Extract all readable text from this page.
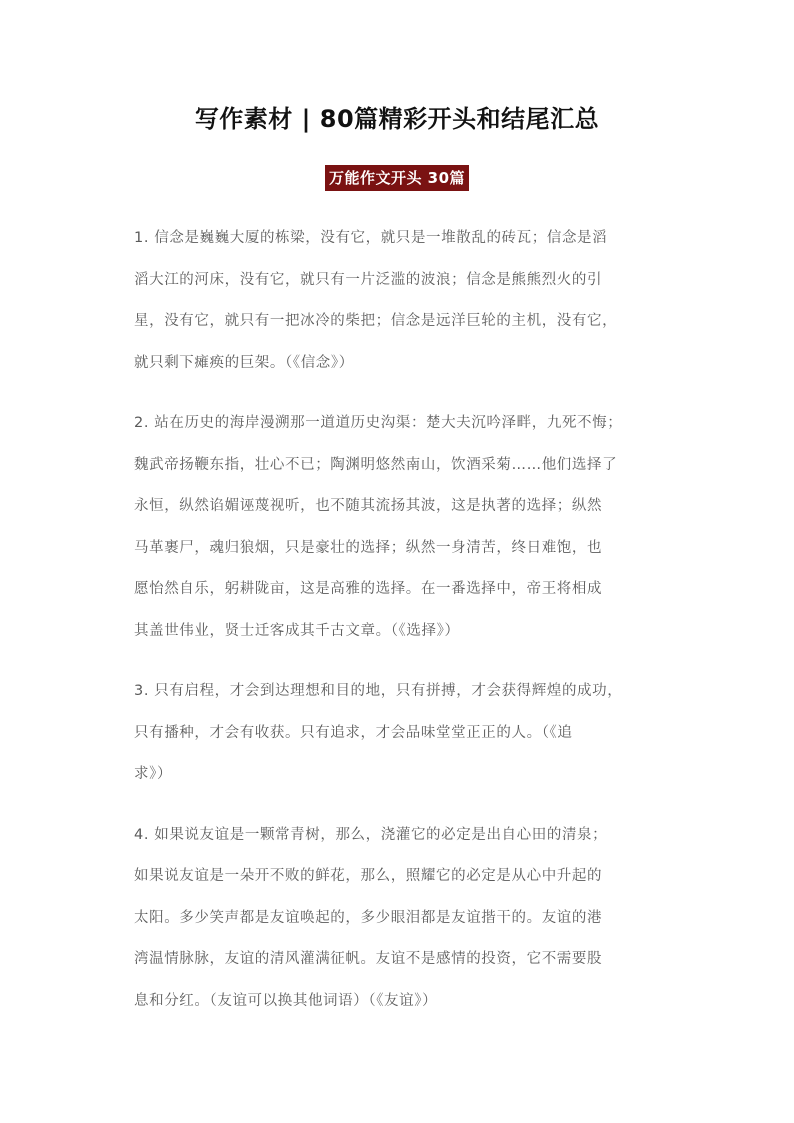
写作素材 | 80篇精彩开头和结尾汇总
万能作文开头 30篇
1. 信念是巍巍大厦的栋梁，没有它，就只是一堆散乱的砖瓦；信念是滔
滔大江的河床，没有它，就只有一片泛滥的波浪；信念是熊熊烈火的引
星，没有它，就只有一把冰冷的柴把；信念是远洋巨轮的主机，没有它，
就只剩下瘫痪的巨架。（《信念》）
2. 站在历史的海岸漫溯那一道道历史沟渠：楚大夫沉吟泽畔，九死不悔；
魏武帝扬鞭东指，壮心不已；陶渊明悠然南山，饮酒采菊……他们选择了
永恒，纵然谄媚诬蔑视听，也不随其流扬其波，这是执著的选择；纵然
马革裹尸，魂归狼烟，只是豪壮的选择；纵然一身清苦，终日难饱，也
愿怡然自乐，躬耕陇亩，这是高雅的选择。在一番选择中，帝王将相成
其盖世伟业，贤士迁客成其千古文章。（《选择》）
3. 只有启程，才会到达理想和目的地，只有拼搏，才会获得辉煌的成功，
只有播种，才会有收获。只有追求，才会品味堂堂正正的人。（《追
求》）
4. 如果说友谊是一颗常青树，那么，浇灌它的必定是出自心田的清泉；
如果说友谊是一朵开不败的鲜花，那么，照耀它的必定是从心中升起的
太阳。多少笑声都是友谊唤起的，多少眼泪都是友谊揩干的。友谊的港
湾温情脉脉，友谊的清风灌满征帆。友谊不是感情的投资，它不需要股
息和分红。（友谊可以换其他词语）（《友谊》）
